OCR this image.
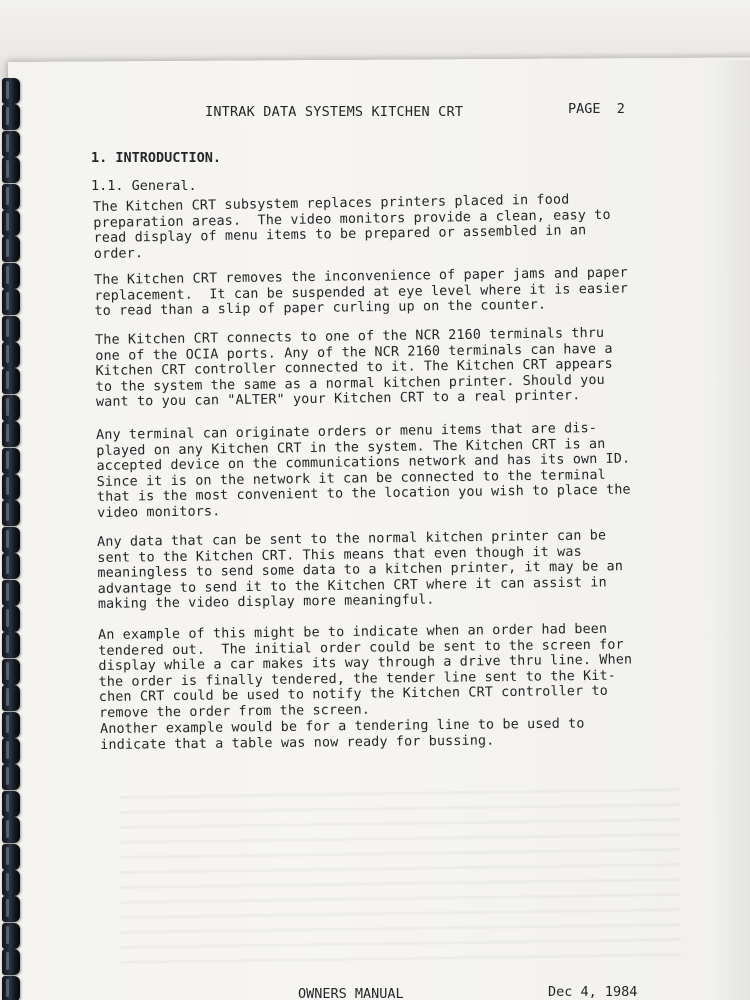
INTRAK DATA SYSTEMS KITCHEN CRT	PAGE  2
1. INTRODUCTION.
1.1. General.

The Kitchen CRT subsystem replaces printers placed in food
preparation areas.  The video monitors provide a clean, easy to
read display of menu items to be prepared or assembled in an
order.

The Kitchen CRT removes the inconvenience of paper jams and paper
replacement.  It can be suspended at eye level where it is easier
to read than a slip of paper curling up on the counter.

The Kitchen CRT connects to one of the NCR 2160 terminals thru
one of the OCIA ports. Any of the NCR 2160 terminals can have a
Kitchen CRT controller connected to it. The Kitchen CRT appears
to the system the same as a normal kitchen printer. Should you
want to you can "ALTER" your Kitchen CRT to a real printer.

Any terminal can originate orders or menu items that are dis-
played on any Kitchen CRT in the system. The Kitchen CRT is an
accepted device on the communications network and has its own ID.
Since it is on the network it can be connected to the terminal
that is the most convenient to the location you wish to place the
video monitors.

Any data that can be sent to the normal kitchen printer can be
sent to the Kitchen CRT. This means that even though it was
meaningless to send some data to a kitchen printer, it may be an
advantage to send it to the Kitchen CRT where it can assist in
making the video display more meaningful.

An example of this might be to indicate when an order had been
tendered out.  The initial order could be sent to the screen for
display while a car makes its way through a drive thru line. When
the order is finally tendered, the tender line sent to the Kit-
chen CRT could be used to notify the Kitchen CRT controller to
remove the order from the screen.

Another example would be for a tendering line to be used to
indicate that a table was now ready for bussing.

OWNERS MANUAL	Dec 4, 1984
